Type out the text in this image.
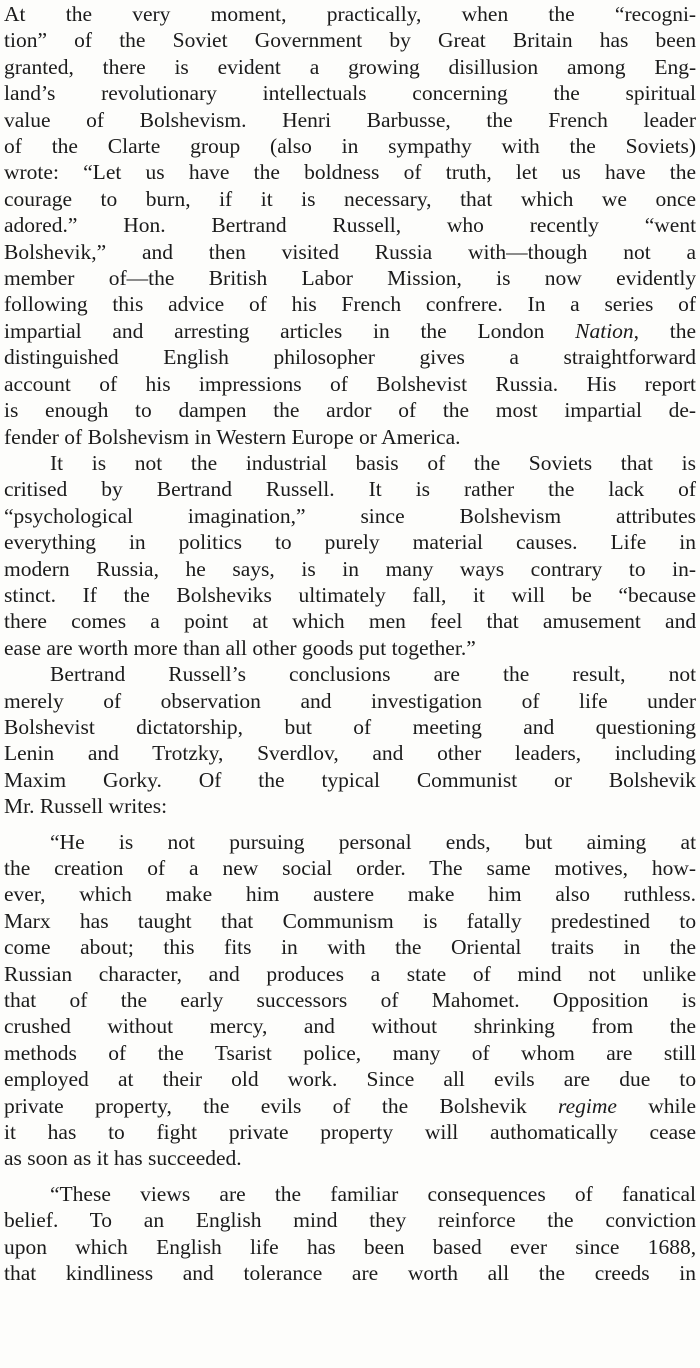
At the very moment, practically, when the “recogni-
tion” of the Soviet Government by Great Britain has been
granted, there is evident a growing disillusion among Eng-
land’s revolutionary intellectuals concerning the spiritual
value of Bolshevism. Henri Barbusse, the French leader
of the Clarte group (also in sympathy with the Soviets)
wrote: “Let us have the boldness of truth, let us have the
courage to burn, if it is necessary, that which we once
adored.” Hon. Bertrand Russell, who recently “went
Bolshevik,” and then visited Russia with—though not a
member of—the British Labor Mission, is now evidently
following this advice of his French confrere. In a series of
impartial and arresting articles in the London Nation, the
distinguished English philosopher gives a straightforward
account of his impressions of Bolshevist Russia. His report
is enough to dampen the ardor of the most impartial de-
fender of Bolshevism in Western Europe or America.
It is not the industrial basis of the Soviets that is
critised by Bertrand Russell. It is rather the lack of
“psychological	imagination,”	since	Bolshevism	attributes
everything in politics to purely material causes. Life in
modern Russia, he says, is in many ways contrary to in-
stinct. If the Bolsheviks ultimately fall, it will be “because
there comes a point at which men feel that amusement and
ease are worth more than all other goods put together.”
Bertrand Russell’s conclusions are the result, not
merely of observation and investigation of life under
Bolshevist dictatorship, but of meeting and questioning
Lenin and Trotzky, Sverdlov, and other leaders, including
Maxim Gorky. Of the typical Communist or Bolshevik
Mr. Russell writes:
“He is not pursuing personal ends, but aiming at
the creation of a new social order. The same motives, how-
ever, which make him austere make him also ruthless.
Marx has taught that Communism is fatally predestined to
come about; this fits in with the Oriental traits in the
Russian character, and produces a state of mind not unlike
that of the early successors of Mahomet. Opposition is
crushed without mercy, and without shrinking from the
methods of the Tsarist police, many of whom are still
employed at their old work. Since all evils are due to
private property, the evils of the Bolshevik regime while
it has to fight private property will authomatically cease
as soon as it has succeeded.
“These views are the familiar consequences of fanatical
belief. To an English mind they reinforce the conviction
upon which English life has been based ever since 1688,
that kindliness and tolerance are worth all the creeds in
